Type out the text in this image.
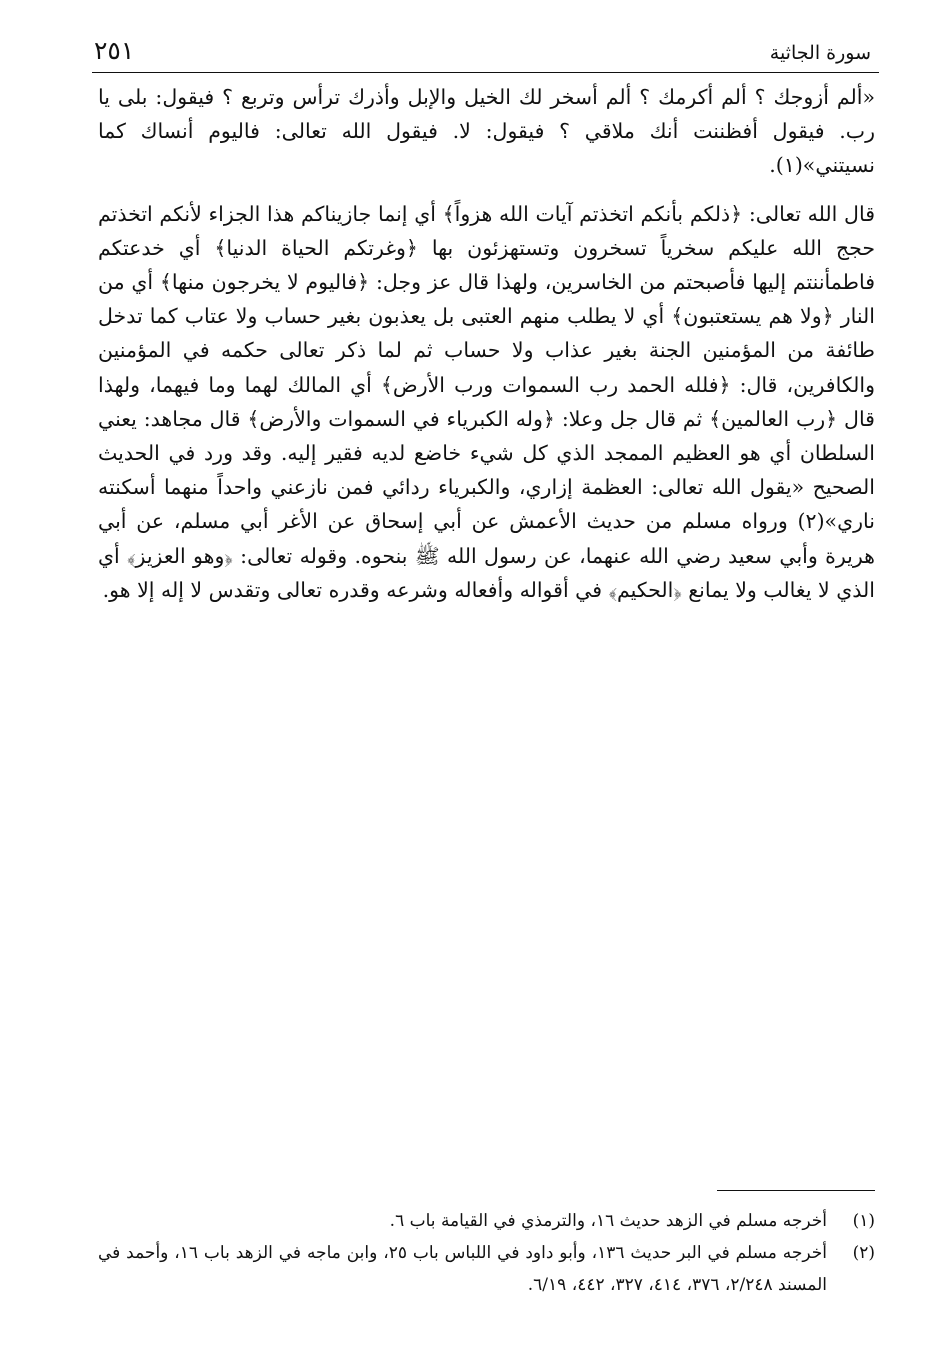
سورة الجاثية
٢٥١

«ألم أزوجك ؟ ألم أكرمك ؟ ألم أسخر لك الخيل والإبل وأذرك ترأس وتربع ؟ فيقول: بلى يا رب. فيقول أفظننت أنك ملاقي ؟ فيقول: لا. فيقول الله تعالى: فاليوم أنساك كما نسيتني»(١).

قال الله تعالى: ﴿ذلكم بأنكم اتخذتم آيات الله هزواً﴾ أي إنما جازيناكم هذا الجزاء لأنكم اتخذتم حجج الله عليكم سخرياً تسخرون وتستهزئون بها ﴿وغرتكم الحياة الدنيا﴾ أي خدعتكم فاطمأننتم إليها فأصبحتم من الخاسرين، ولهذا قال عز وجل: ﴿فاليوم لا يخرجون منها﴾ أي من النار ﴿ولا هم يستعتبون﴾ أي لا يطلب منهم العتبى بل يعذبون بغير حساب ولا عتاب كما تدخل طائفة من المؤمنين الجنة بغير عذاب ولا حساب ثم لما ذكر تعالى حكمه في المؤمنين والكافرين، قال: ﴿فلله الحمد رب السموات ورب الأرض﴾ أي المالك لهما وما فيهما، ولهذا قال ﴿رب العالمين﴾ ثم قال جل وعلا: ﴿وله الكبرياء في السموات والأرض﴾ قال مجاهد: يعني السلطان أي هو العظيم الممجد الذي كل شيء خاضع لديه فقير إليه. وقد ورد في الحديث الصحيح «يقول الله تعالى: العظمة إزاري، والكبرياء ردائي فمن نازعني واحداً منهما أسكنته ناري»(٢) ورواه مسلم من حديث الأعمش عن أبي إسحاق عن الأغر أبي مسلم، عن أبي هريرة وأبي سعيد رضي الله عنهما، عن رسول الله ﷺ بنحوه. وقوله تعالى: ﴿وهو العزيز﴾ أي الذي لا يغالب ولا يمانع ﴿الحكيم﴾ في أقواله وأفعاله وشرعه وقدره تعالى وتقدس لا إله إلا هو.

(١)
أخرجه مسلم في الزهد حديث ١٦، والترمذي في القيامة باب ٦.
(٢)
أخرجه مسلم في البر حديث ١٣٦، وأبو داود في اللباس باب ٢٥، وابن ماجه في الزهد باب ١٦، وأحمد في المسند ٢/٢٤٨، ٣٧٦، ٤١٤، ٣٢٧، ٤٤٢، ٦/١٩.
